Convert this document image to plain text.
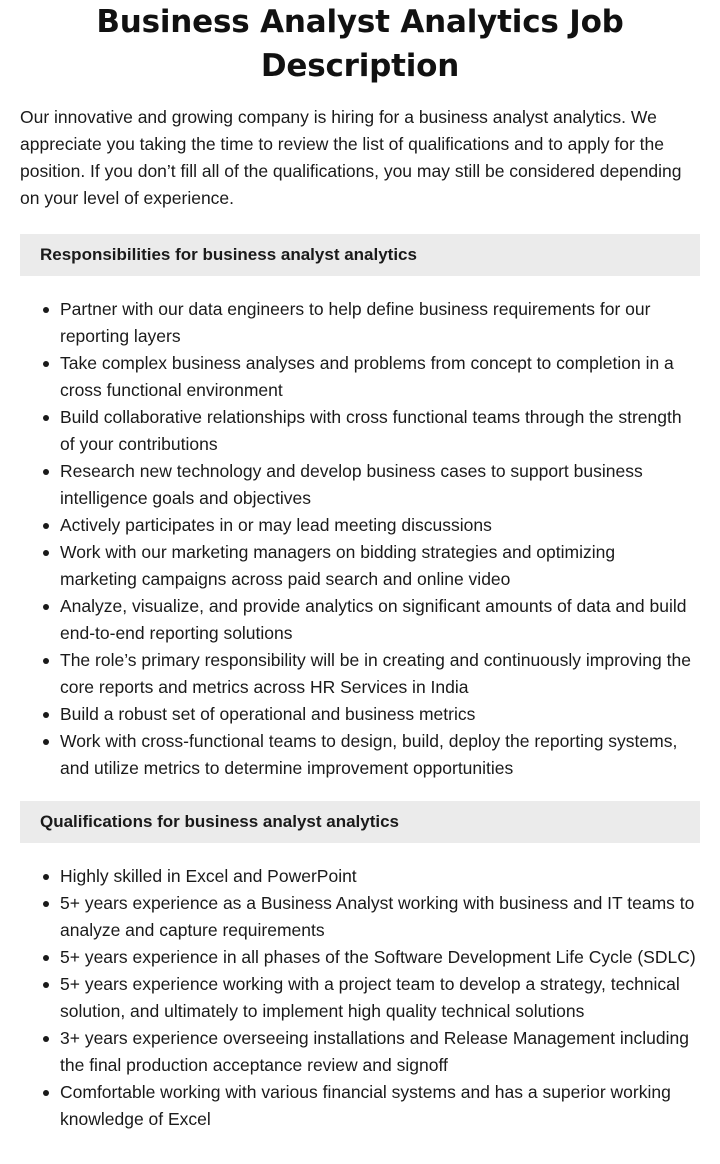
Business Analyst Analytics Job Description

Our innovative and growing company is hiring for a business analyst analytics. We appreciate you taking the time to review the list of qualifications and to apply for the position. If you don’t fill all of the qualifications, you may still be considered depending on your level of experience.

Responsibilities for business analyst analytics
Partner with our data engineers to help define business requirements for our reporting layers
Take complex business analyses and problems from concept to completion in a cross functional environment
Build collaborative relationships with cross functional teams through the strength of your contributions
Research new technology and develop business cases to support business intelligence goals and objectives
Actively participates in or may lead meeting discussions
Work with our marketing managers on bidding strategies and optimizing marketing campaigns across paid search and online video
Analyze, visualize, and provide analytics on significant amounts of data and build end-to-end reporting solutions
The role’s primary responsibility will be in creating and continuously improving the core reports and metrics across HR Services in India
Build a robust set of operational and business metrics
Work with cross-functional teams to design, build, deploy the reporting systems, and utilize metrics to determine improvement opportunities
Qualifications for business analyst analytics
Highly skilled in Excel and PowerPoint
5+ years experience as a Business Analyst working with business and IT teams to analyze and capture requirements
5+ years experience in all phases of the Software Development Life Cycle (SDLC)
5+ years experience working with a project team to develop a strategy, technical solution, and ultimately to implement high quality technical solutions
3+ years experience overseeing installations and Release Management including the final production acceptance review and signoff
Comfortable working with various financial systems and has a superior working knowledge of Excel
